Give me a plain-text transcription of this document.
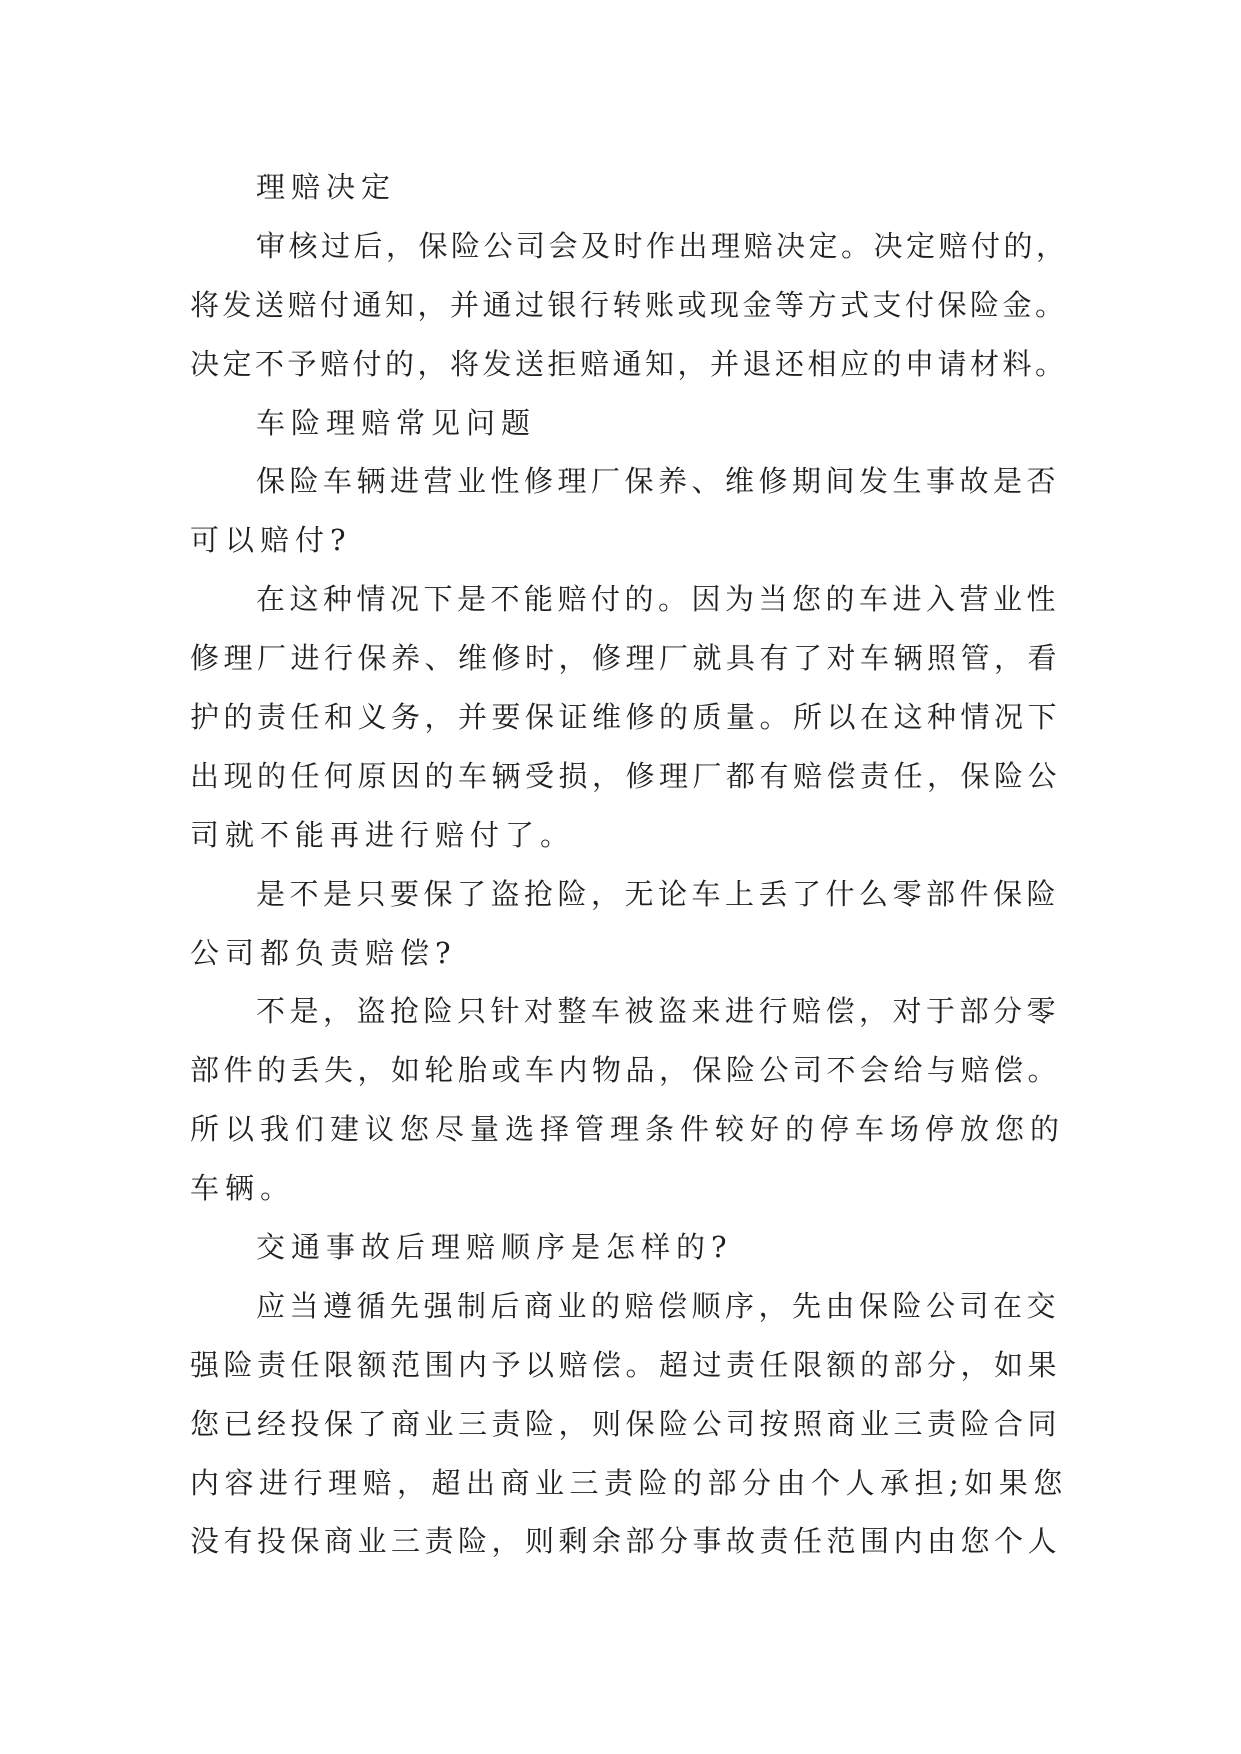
理赔决定
审核过后，保险公司会及时作出理赔决定。决定赔付的，
将发送赔付通知，并通过银行转账或现金等方式支付保险金。
决定不予赔付的，将发送拒赔通知，并退还相应的申请材料。
车险理赔常见问题
保险车辆进营业性修理厂保养、维修期间发生事故是否
可以赔付?
在这种情况下是不能赔付的。因为当您的车进入营业性
修理厂进行保养、维修时，修理厂就具有了对车辆照管，看
护的责任和义务，并要保证维修的质量。所以在这种情况下
出现的任何原因的车辆受损，修理厂都有赔偿责任，保险公
司就不能再进行赔付了。
是不是只要保了盗抢险，无论车上丢了什么零部件保险
公司都负责赔偿?
不是，盗抢险只针对整车被盗来进行赔偿，对于部分零
部件的丢失，如轮胎或车内物品，保险公司不会给与赔偿。
所以我们建议您尽量选择管理条件较好的停车场停放您的
车辆。
交通事故后理赔顺序是怎样的?
应当遵循先强制后商业的赔偿顺序，先由保险公司在交
强险责任限额范围内予以赔偿。超过责任限额的部分，如果
您已经投保了商业三责险，则保险公司按照商业三责险合同
内容进行理赔，超出商业三责险的部分由个人承担;如果您
没有投保商业三责险，则剩余部分事故责任范围内由您个人
